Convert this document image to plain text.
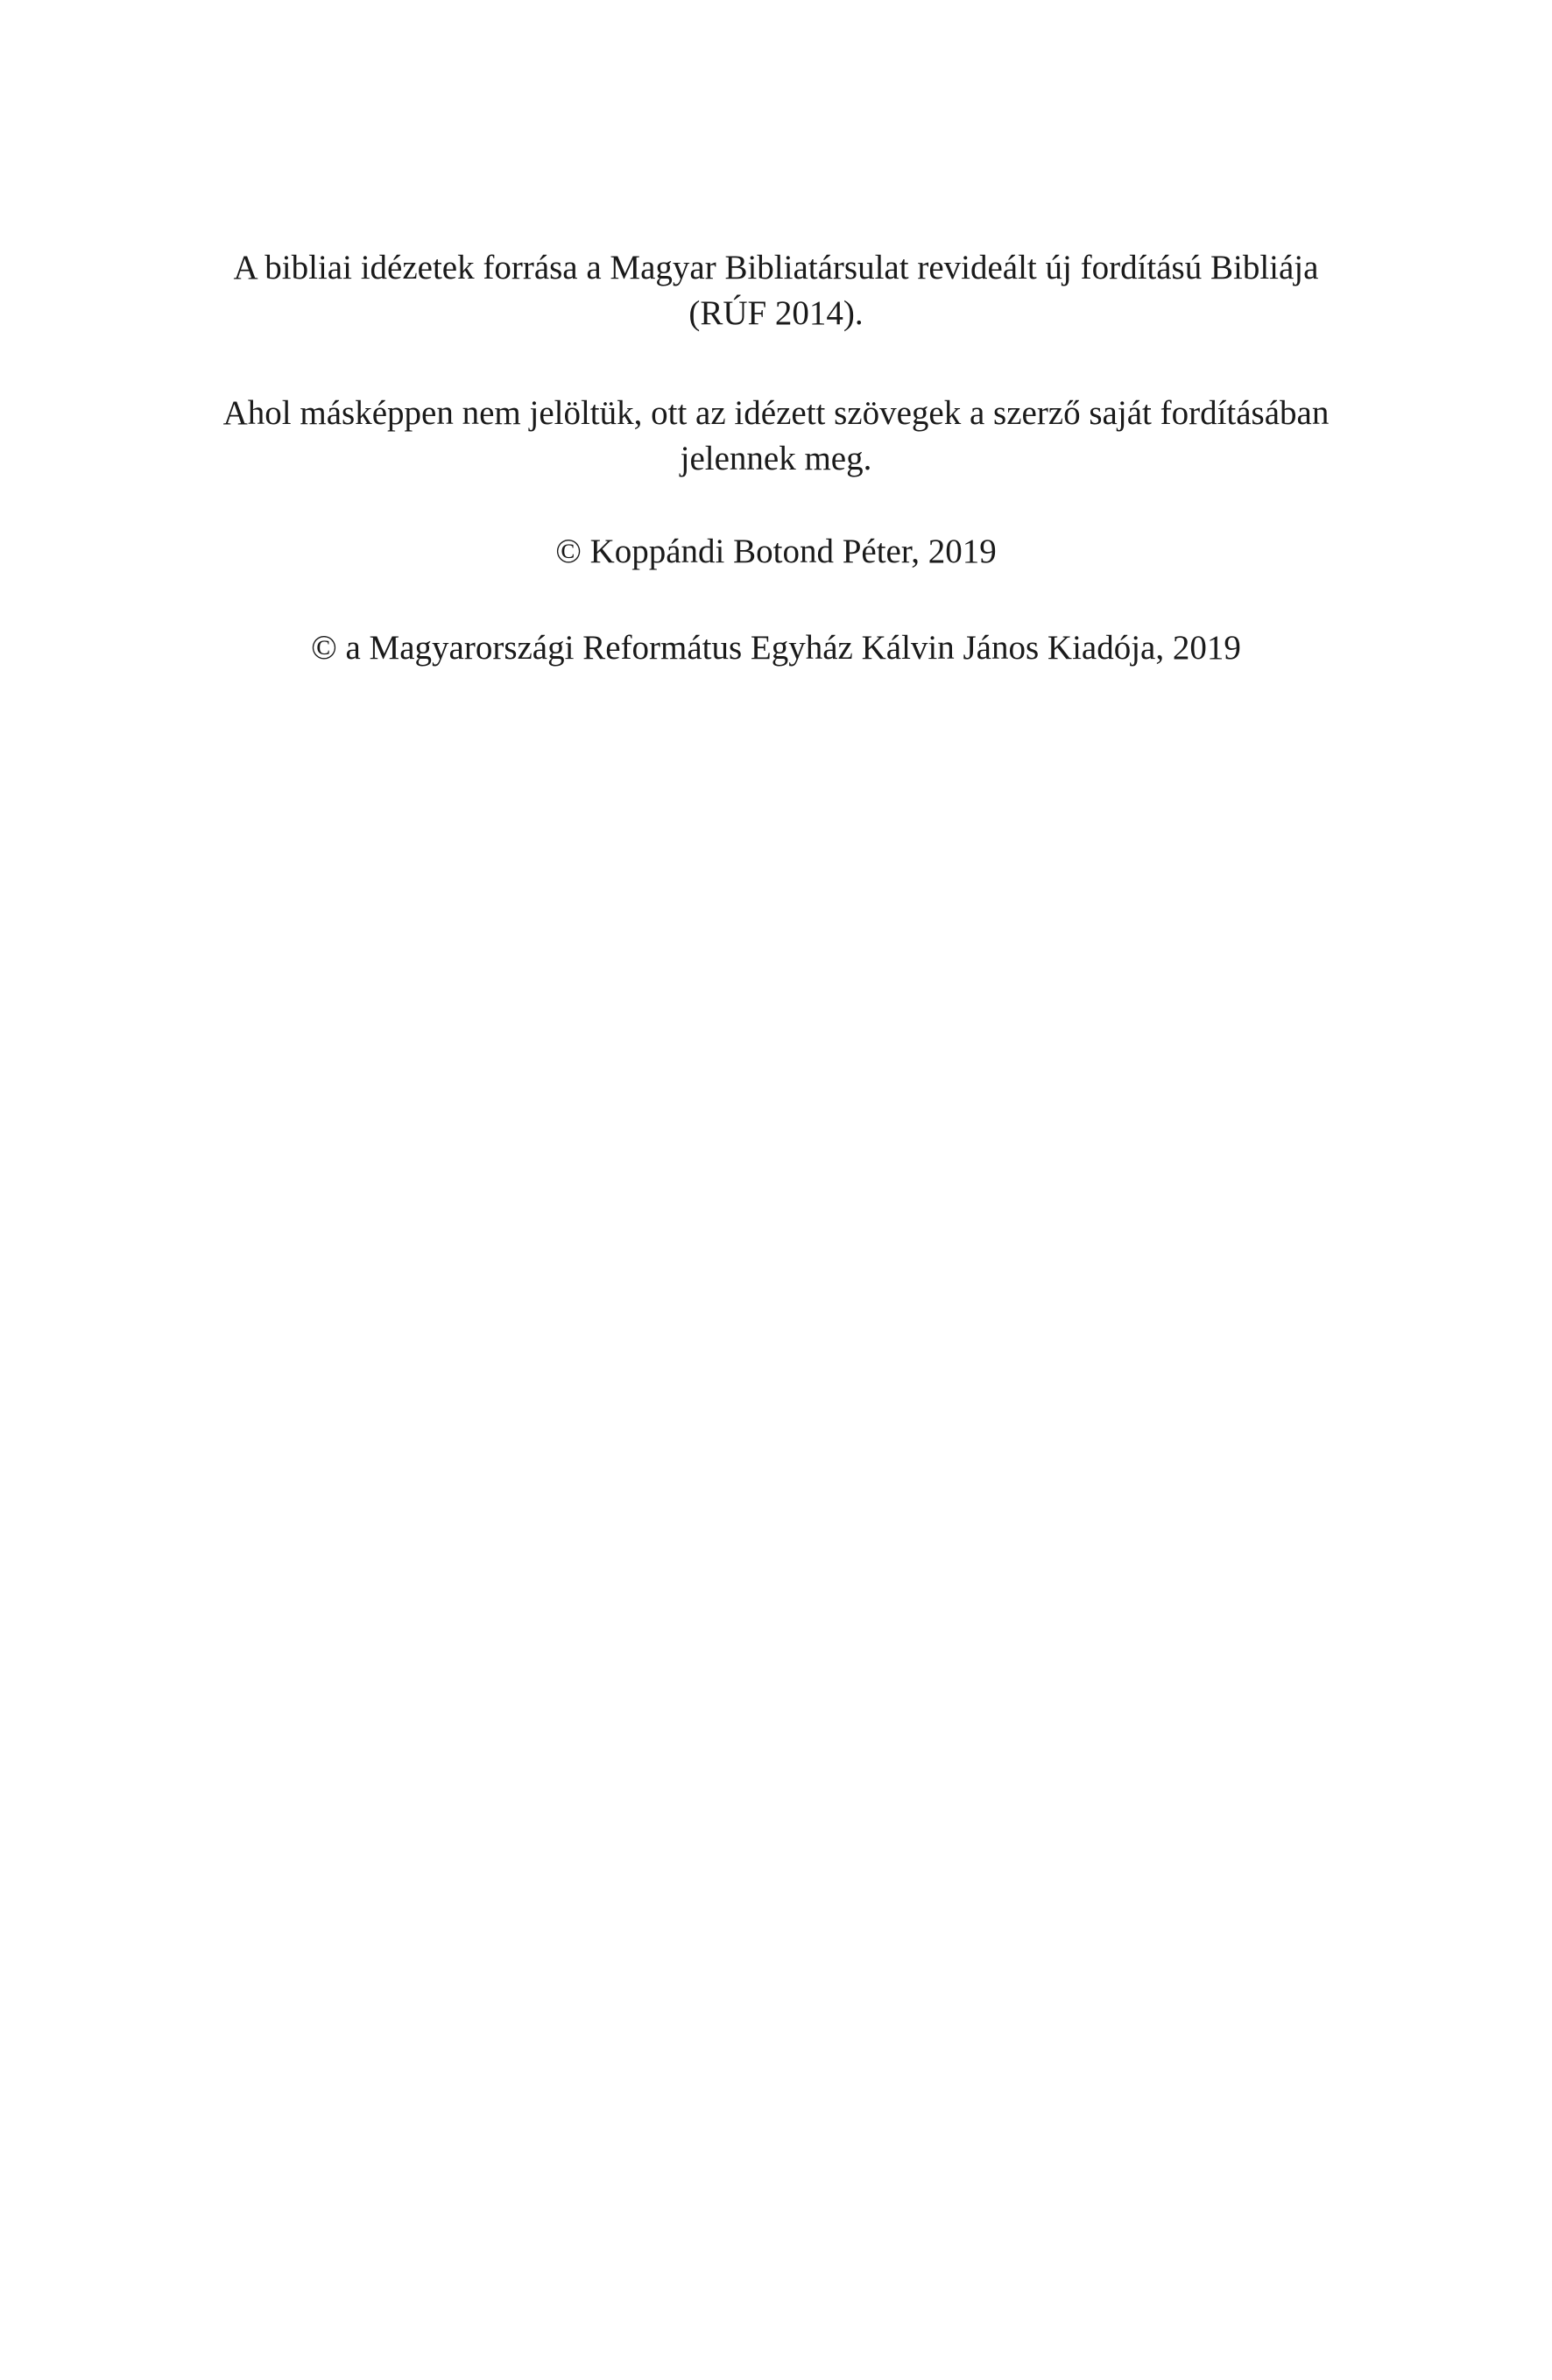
A bibliai idézetek forrása a Magyar Bibliatársulat revideált új fordítású Bibliája
(RÚF 2014).
Ahol másképpen nem jelöltük, ott az idézett szövegek a szerző saját fordításában
jelennek meg.
© Koppándi Botond Péter, 2019
© a Magyarországi Református Egyház Kálvin János Kiadója, 2019
